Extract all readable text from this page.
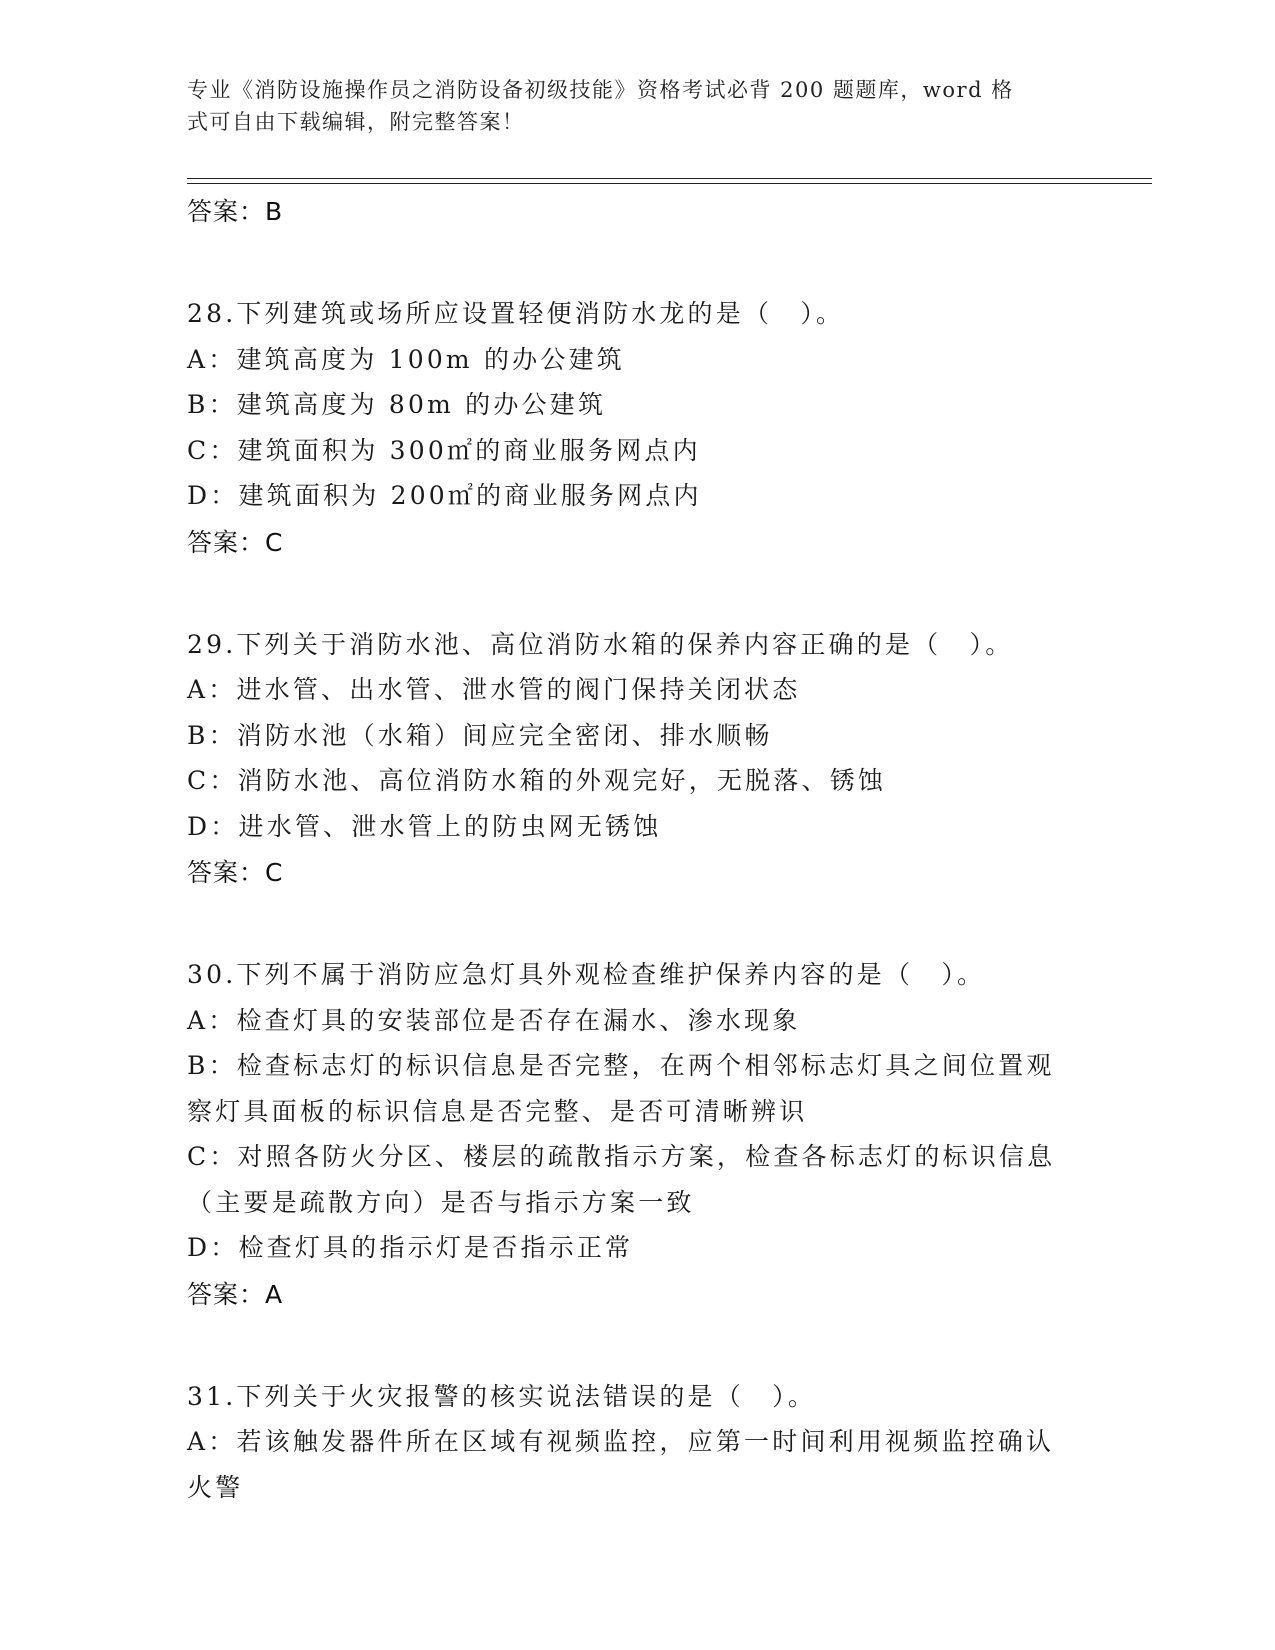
专业《消防设施操作员之消防设备初级技能》资格考试必背 200 题题库，word 格
式可自由下载编辑，附完整答案！
答案：B
28.下列建筑或场所应设置轻便消防水龙的是（　）。
A：建筑高度为 100m 的办公建筑
B：建筑高度为 80m 的办公建筑
C：建筑面积为 300㎡的商业服务网点内
D：建筑面积为 200㎡的商业服务网点内
答案：C
29.下列关于消防水池、高位消防水箱的保养内容正确的是（　）。
A：进水管、出水管、泄水管的阀门保持关闭状态
B：消防水池（水箱）间应完全密闭、排水顺畅
C：消防水池、高位消防水箱的外观完好，无脱落、锈蚀
D：进水管、泄水管上的防虫网无锈蚀
答案：C
30.下列不属于消防应急灯具外观检查维护保养内容的是（　）。
A：检查灯具的安装部位是否存在漏水、渗水现象
B：检查标志灯的标识信息是否完整，在两个相邻标志灯具之间位置观
察灯具面板的标识信息是否完整、是否可清晰辨识
C：对照各防火分区、楼层的疏散指示方案，检查各标志灯的标识信息
（主要是疏散方向）是否与指示方案一致
D：检查灯具的指示灯是否指示正常
答案：A
31.下列关于火灾报警的核实说法错误的是（　）。
A：若该触发器件所在区域有视频监控，应第一时间利用视频监控确认
火警
